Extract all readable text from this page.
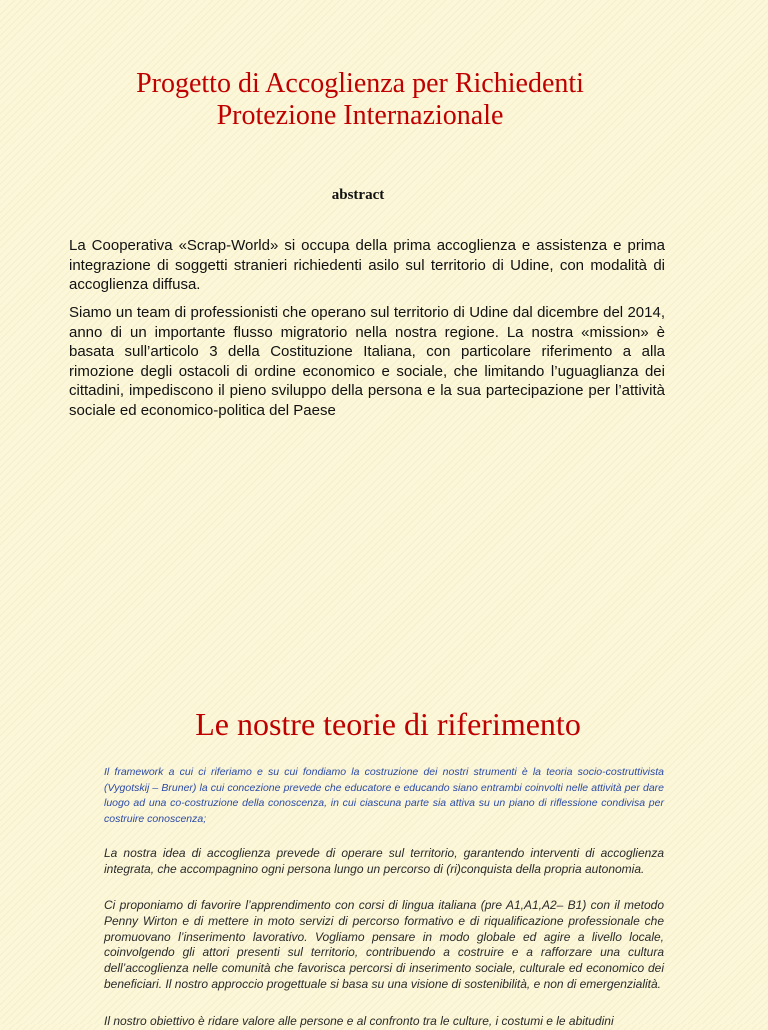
Progetto di Accoglienza per Richiedenti
Protezione Internazionale
abstract

La Cooperativa «Scrap-World» si occupa della prima accoglienza e assistenza e prima integrazione di soggetti stranieri richiedenti asilo sul territorio di Udine, con modalità di accoglienza diffusa.

Siamo un team di professionisti che operano sul territorio di Udine dal dicembre del 2014, anno di un importante flusso migratorio nella nostra regione. La nostra «mission» è basata sull’articolo 3 della Costituzione Italiana, con particolare riferimento a alla rimozione degli ostacoli di ordine economico e sociale, che limitando l’uguaglianza dei cittadini, impediscono il pieno sviluppo della persona e la sua partecipazione per l’attività sociale ed economico-politica del Paese

Le nostre teorie di riferimento

Il framework a cui ci riferiamo e su cui fondiamo la costruzione dei nostri strumenti è la teoria socio-costruttivista (Vygotskij – Bruner) la cui concezione prevede che educatore e educando siano entrambi coinvolti nelle attività per dare luogo ad una co-costruzione della conoscenza, in cui ciascuna parte sia attiva su un piano di riflessione condivisa per costruire conoscenza;

La nostra idea di accoglienza prevede di operare sul territorio, garantendo interventi di accoglienza integrata, che accompagnino ogni persona lungo un percorso di (ri)conquista della propria autonomia.

Ci proponiamo di favorire l’apprendimento con corsi di lingua italiana (pre A1,A1,A2– B1) con il metodo Penny Wirton e di mettere in moto servizi di percorso formativo e di riqualificazione professionale che promuovano l’inserimento lavorativo. Vogliamo pensare in modo globale ed agire a livello locale, coinvolgendo gli attori presenti sul territorio, contribuendo a costruire e a rafforzare una cultura dell’accoglienza nelle comunità che favorisca percorsi di inserimento sociale, culturale ed economico dei beneficiari. Il nostro approccio progettuale si basa su una visione di sostenibilità, e non di emergenzialità.

Il nostro obiettivo è ridare valore alle persone e al confronto tra le culture, i costumi e le abitudini
